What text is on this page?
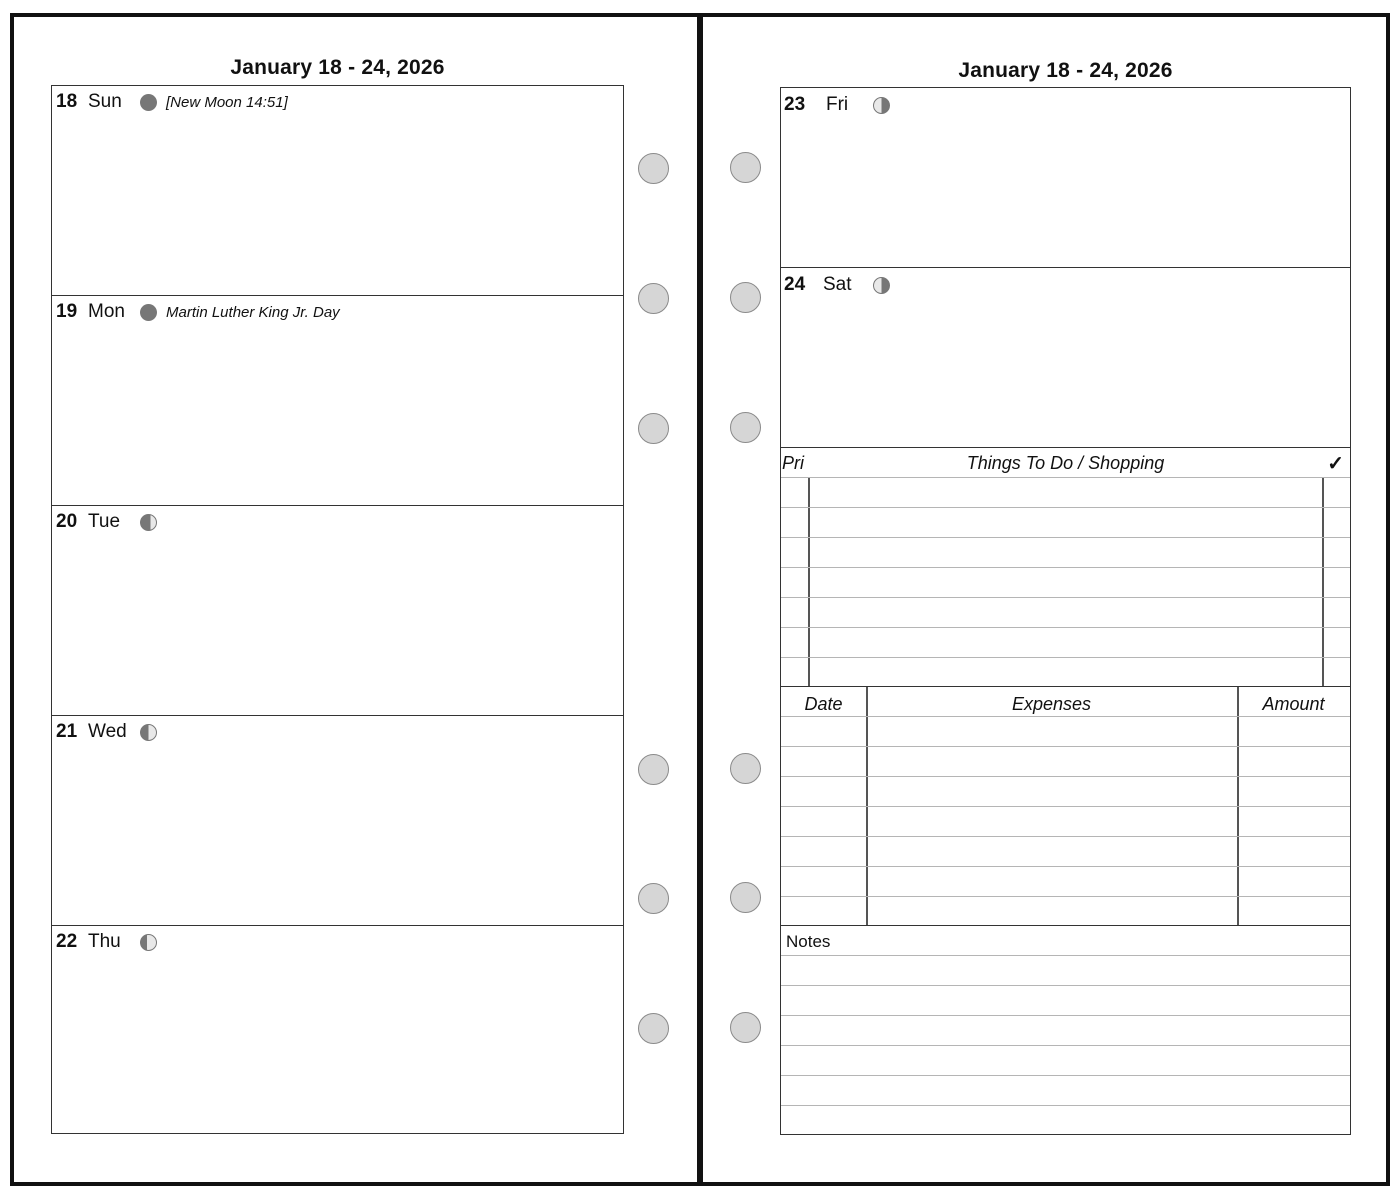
January 18 - 24, 2026
18 Sun	[New Moon 14:51]
19 Mon	Martin Luther King Jr. Day
20 Tue
21 Wed
22 Thu
January 18 - 24, 2026
23	Fri
24 Sat
Pri	Things To Do / Shopping	✓
Date	Expenses	Amount
Notes
